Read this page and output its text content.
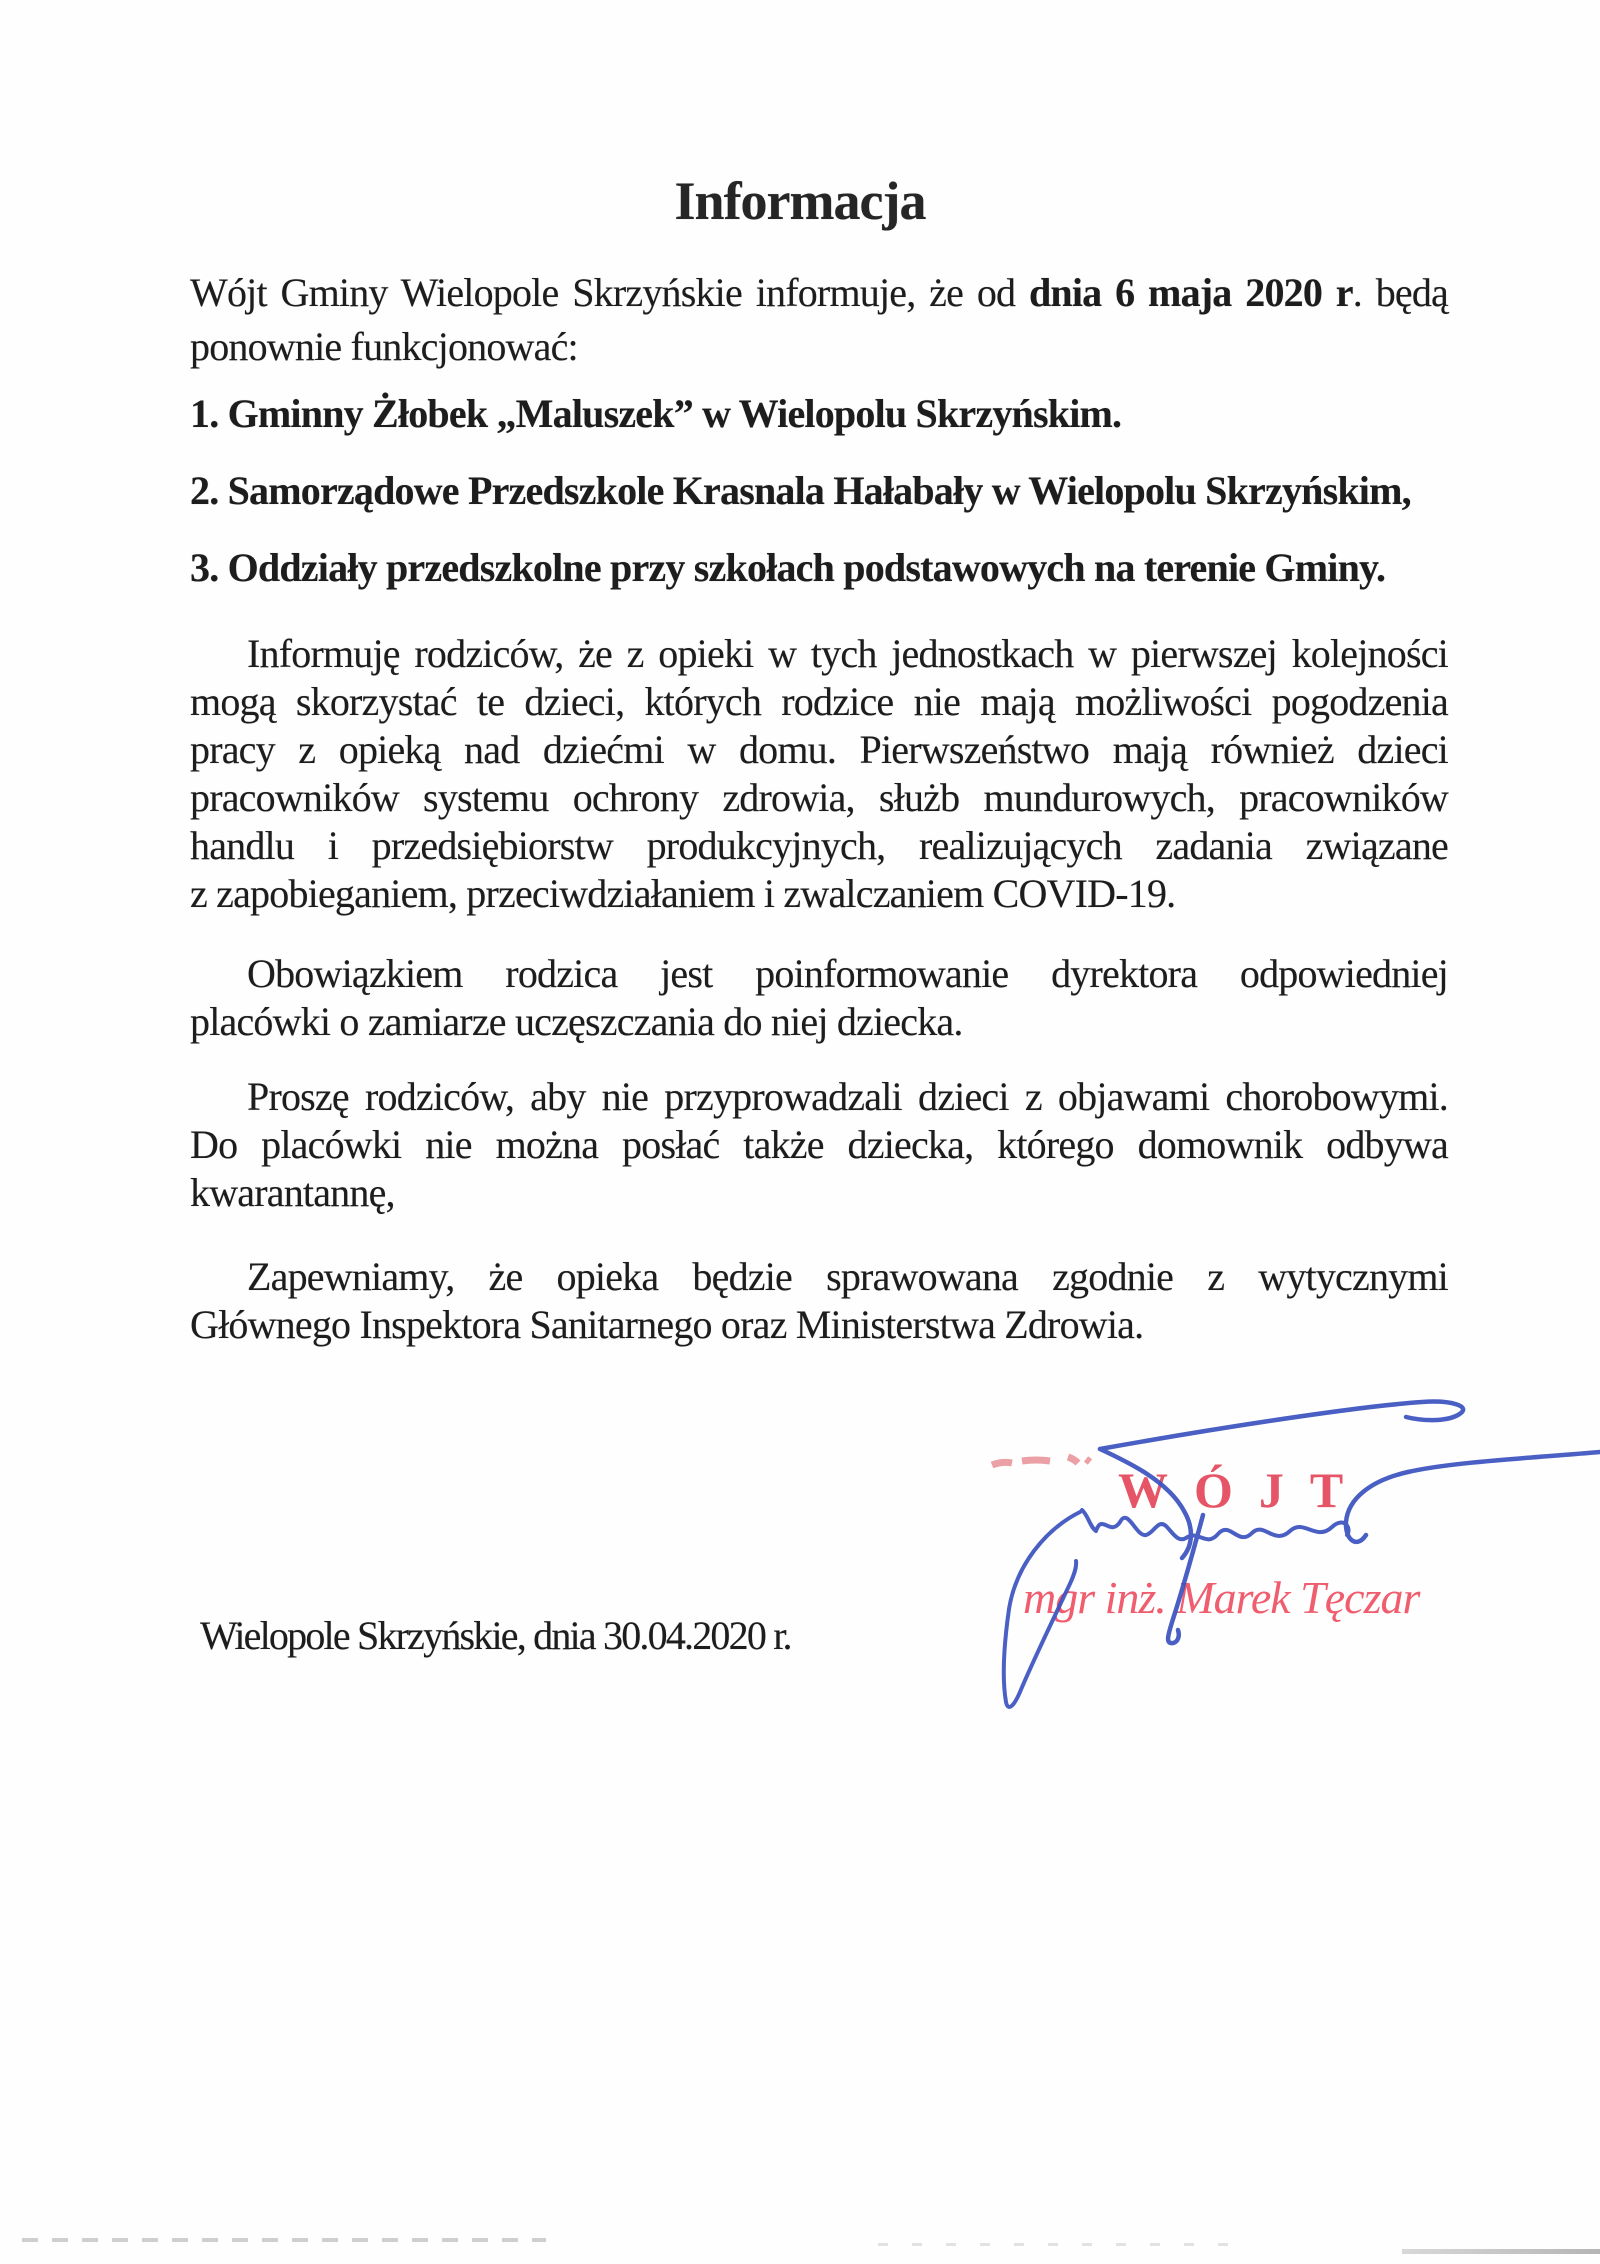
Informacja
Wójt Gminy Wielopole Skrzyńskie informuje, że od dnia 6 maja 2020 r. będą
ponownie funkcjonować:
1. Gminny Żłobek „Maluszek” w Wielopolu Skrzyńskim.
2. Samorządowe Przedszkole Krasnala Hałabały w Wielopolu Skrzyńskim,
3. Oddziały przedszkolne przy szkołach podstawowych na terenie Gminy.
Informuję rodziców, że z opieki w tych jednostkach w pierwszej kolejności
mogą skorzystać te dzieci, których rodzice nie mają możliwości pogodzenia
pracy z opieką nad dziećmi w domu. Pierwszeństwo mają również dzieci
pracowników systemu ochrony zdrowia, służb mundurowych, pracowników
handlu i przedsiębiorstw produkcyjnych, realizujących zadania związane
z zapobieganiem, przeciwdziałaniem i zwalczaniem COVID-19.
Obowiązkiem rodzica jest poinformowanie dyrektora odpowiedniej
placówki o zamiarze uczęszczania do niej dziecka.
Proszę rodziców, aby nie przyprowadzali dzieci z objawami chorobowymi.
Do placówki nie można posłać także dziecka, którego domownik odbywa
kwarantannę,
Zapewniamy, że opieka będzie sprawowana zgodnie z wytycznymi
Głównego Inspektora Sanitarnego oraz Ministerstwa Zdrowia.
WÓJT
mgr inż. Marek Tęczar
Wielopole Skrzyńskie, dnia 30.04.2020 r.
